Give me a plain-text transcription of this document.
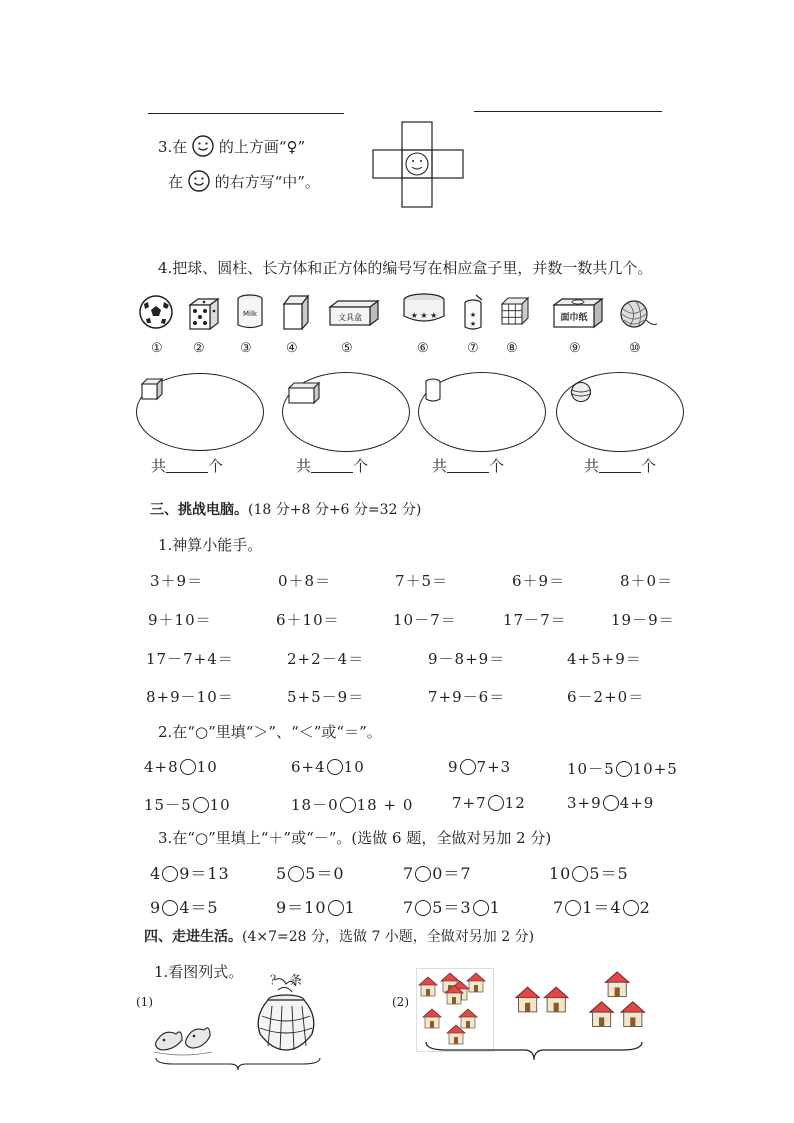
3.在 的上方画“♀”
在 的右方写“中”。
4.把球、圆柱、长方体和正方体的编号写在相应盒子里，并数一数共几个。
Milk	文具盒	★ ★ ★	★
★
面巾纸
① ②	③	④	⑤	⑥	⑦ ⑧	⑨	⑩
共	个	共	个	共	个	共	个
三、挑战电脑。(18 分+8 分+6 分=32 分)
1.神算小能手。
3＋9＝	0＋8＝	7＋5＝	6＋9＝	8＋0＝
9＋10＝	6＋10＝	10－7＝	17－7＝	19－9＝
17－7+4＝	2+2－4＝	9－8+9＝	4+5+9＝
8+9－10＝	5+5－9＝	7+9－6＝	6－2+0＝
2.在“○”里填“＞”、“＜”或“＝”。
4+8 10	6+4 10	9 7+3	10－5 10+5
15－5 10	18－0 18 + 0	7+7 12	3+9 4+9
3.在“○”里填上“＋”或“－”。(选做 6 题，全做对另加 2 分)
4 9＝13	5 5＝0	7 0＝7	10 5＝5
9 4＝5	9＝10 1	7 5＝3 1	7 1＝4 2
四、走进生活。(4×7=28 分，选做 7 小题，全做对另加 2 分)
1.看图列式。
(1)
？ 条
(2)
